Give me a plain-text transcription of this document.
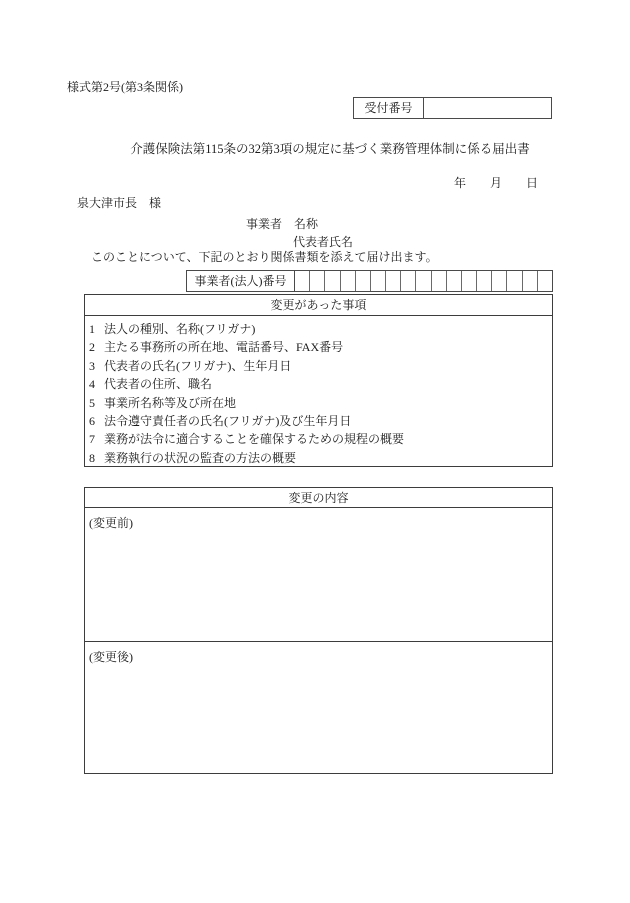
様式第2号(第3条関係)
受付番号
介護保険法第115条の32第3項の規定に基づく業務管理体制に係る届出書
年　　月　　日
泉大津市長　様
事業者　名称
代表者氏名
このことについて、下記のとおり関係書類を添えて届け出ます。
事業者(法人)番号
変更があった事項
1 法人の種別、名称(フリガナ)
2 主たる事務所の所在地、電話番号、FAX番号
3 代表者の氏名(フリガナ)、生年月日
4 代表者の住所、職名
5 事業所名称等及び所在地
6 法令遵守責任者の氏名(フリガナ)及び生年月日
7 業務が法令に適合することを確保するための規程の概要
8 業務執行の状況の監査の方法の概要
変更の内容
(変更前)
(変更後)
